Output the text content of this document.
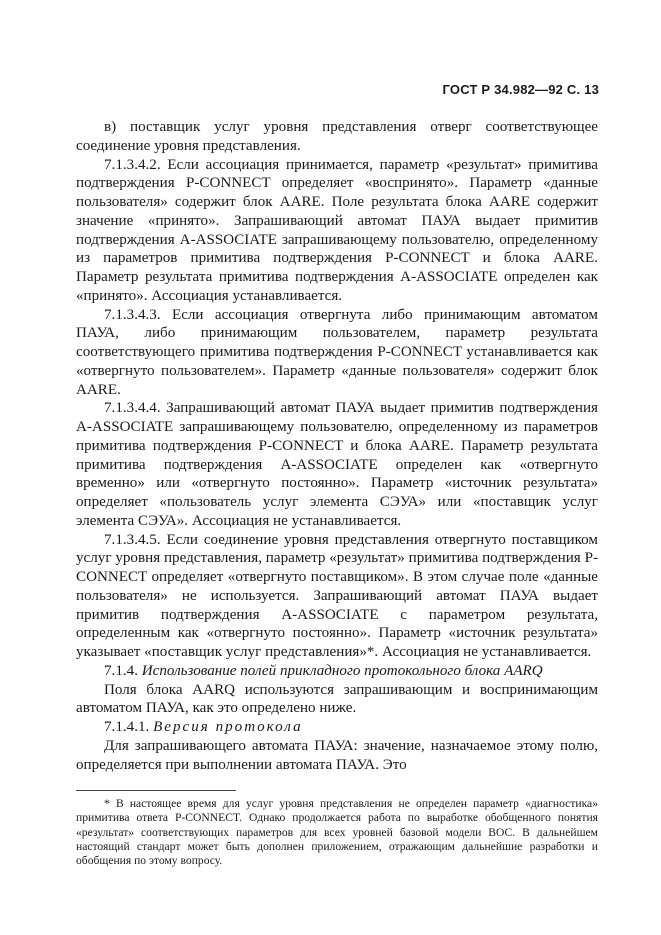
ГОСТ Р 34.982—92 С. 13

в) поставщик услуг уровня представления отверг соответствующее соединение уровня представления.

7.1.3.4.2. Если ассоциация принимается, параметр «результат» примитива подтверждения P-CONNECT определяет «воспринято». Параметр «данные пользователя» содержит блок AARE. Поле результата блока AARE содержит значение «принято». Запрашивающий автомат ПАУА выдает примитив подтверждения A-ASSOCIATE запрашивающему пользователю, определенному из параметров примитива подтверждения P-CONNECT и блока AARE. Параметр результата примитива подтверждения A-ASSOCIATE определен как «принято». Ассоциация устанавливается.

7.1.3.4.3. Если ассоциация отвергнута либо принимающим автоматом ПАУА, либо принимающим пользователем, параметр результата соответствующего примитива подтверждения P-CONNECT устанавливается как «отвергнуто пользователем». Параметр «данные пользователя» содержит блок AARE.

7.1.3.4.4. Запрашивающий автомат ПАУА выдает примитив подтверждения A-ASSOCIATE запрашивающему пользователю, определенному из параметров примитива подтверждения P-CONNECT и блока AARE. Параметр результата примитива подтверждения A-ASSOCIATE определен как «отвергнуто временно» или «отвергнуто постоянно». Параметр «источник результата» определяет «пользователь услуг элемента СЭУА» или «поставщик услуг элемента СЭУА». Ассоциация не устанавливается.

7.1.3.4.5. Если соединение уровня представления отвергнуто поставщиком услуг уровня представления, параметр «результат» примитива подтверждения P-CONNECT определяет «отвергнуто поставщиком». В этом случае поле «данные пользователя» не используется. Запрашивающий автомат ПАУА выдает примитив подтверждения A-ASSOCIATE с параметром результата, определенным как «отвергнуто постоянно». Параметр «источник результата» указывает «поставщик услуг представления»*. Ассоциация не устанавливается.

7.1.4. Использование полей прикладного протокольного блока AARQ

Поля блока AARQ используются запрашивающим и воспринимающим автоматом ПАУА, как это определено ниже.

7.1.4.1. Версия протокола

Для запрашивающего автомата ПАУА: значение, назначаемое этому полю, определяется при выполнении автомата ПАУА. Это

* В настоящее время для услуг уровня представления не определен параметр «диагностика» примитива ответа P-CONNECT. Однако продолжается работа по выработке обобщенного понятия «результат» соответствующих параметров для всех уровней базовой модели ВОС. В дальнейшем настоящий стандарт может быть дополнен приложением, отражающим дальнейшие разработки и обобщения по этому вопросу.
